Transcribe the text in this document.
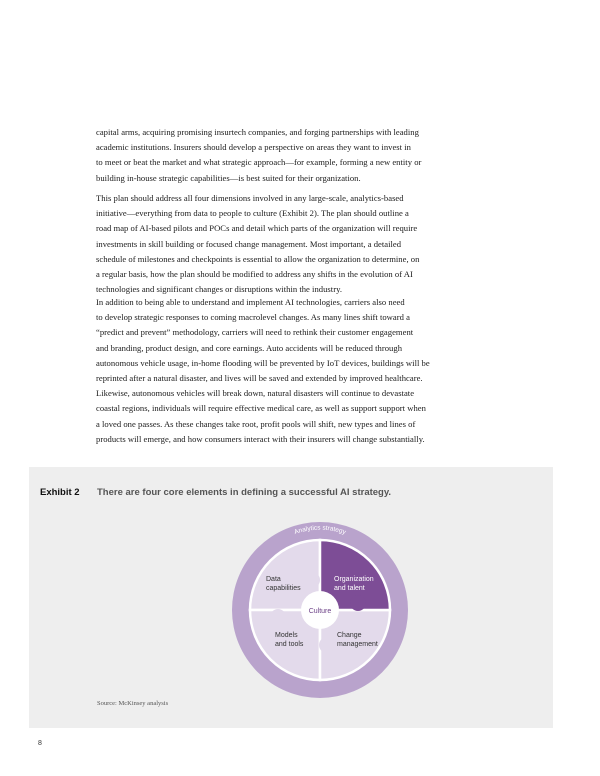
capital arms, acquiring promising insurtech companies, and forging partnerships with leading
academic institutions. Insurers should develop a perspective on areas they want to invest in
to meet or beat the market and what strategic approach—for example, forming a new entity or
building in-house strategic capabilities—is best suited for their organization.

This plan should address all four dimensions involved in any large-scale, analytics-based
initiative—everything from data to people to culture (Exhibit 2). The plan should outline a
road map of AI-based pilots and POCs and detail which parts of the organization will require
investments in skill building or focused change management. Most important, a detailed
schedule of milestones and checkpoints is essential to allow the organization to determine, on
a regular basis, how the plan should be modified to address any shifts in the evolution of AI
technologies and significant changes or disruptions within the industry.

In addition to being able to understand and implement AI technologies, carriers also need
to develop strategic responses to coming macrolevel changes. As many lines shift toward a
“predict and prevent” methodology, carriers will need to rethink their customer engagement
and branding, product design, and core earnings. Auto accidents will be reduced through
autonomous vehicle usage, in-home flooding will be prevented by IoT devices, buildings will be
reprinted after a natural disaster, and lives will be saved and extended by improved healthcare.
Likewise, autonomous vehicles will break down, natural disasters will continue to devastate
coastal regions, individuals will require effective medical care, as well as support support when
a loved one passes. As these changes take root, profit pools will shift, new types and lines of
products will emerge, and how consumers interact with their insurers will change substantially.

Exhibit 2 There are four core elements in defining a successful AI strategy.
Analytics strategy
Culture
Data
capabilities
Organization
and talent
Models
and tools
Change
management
Source: McKinsey analysis
8
